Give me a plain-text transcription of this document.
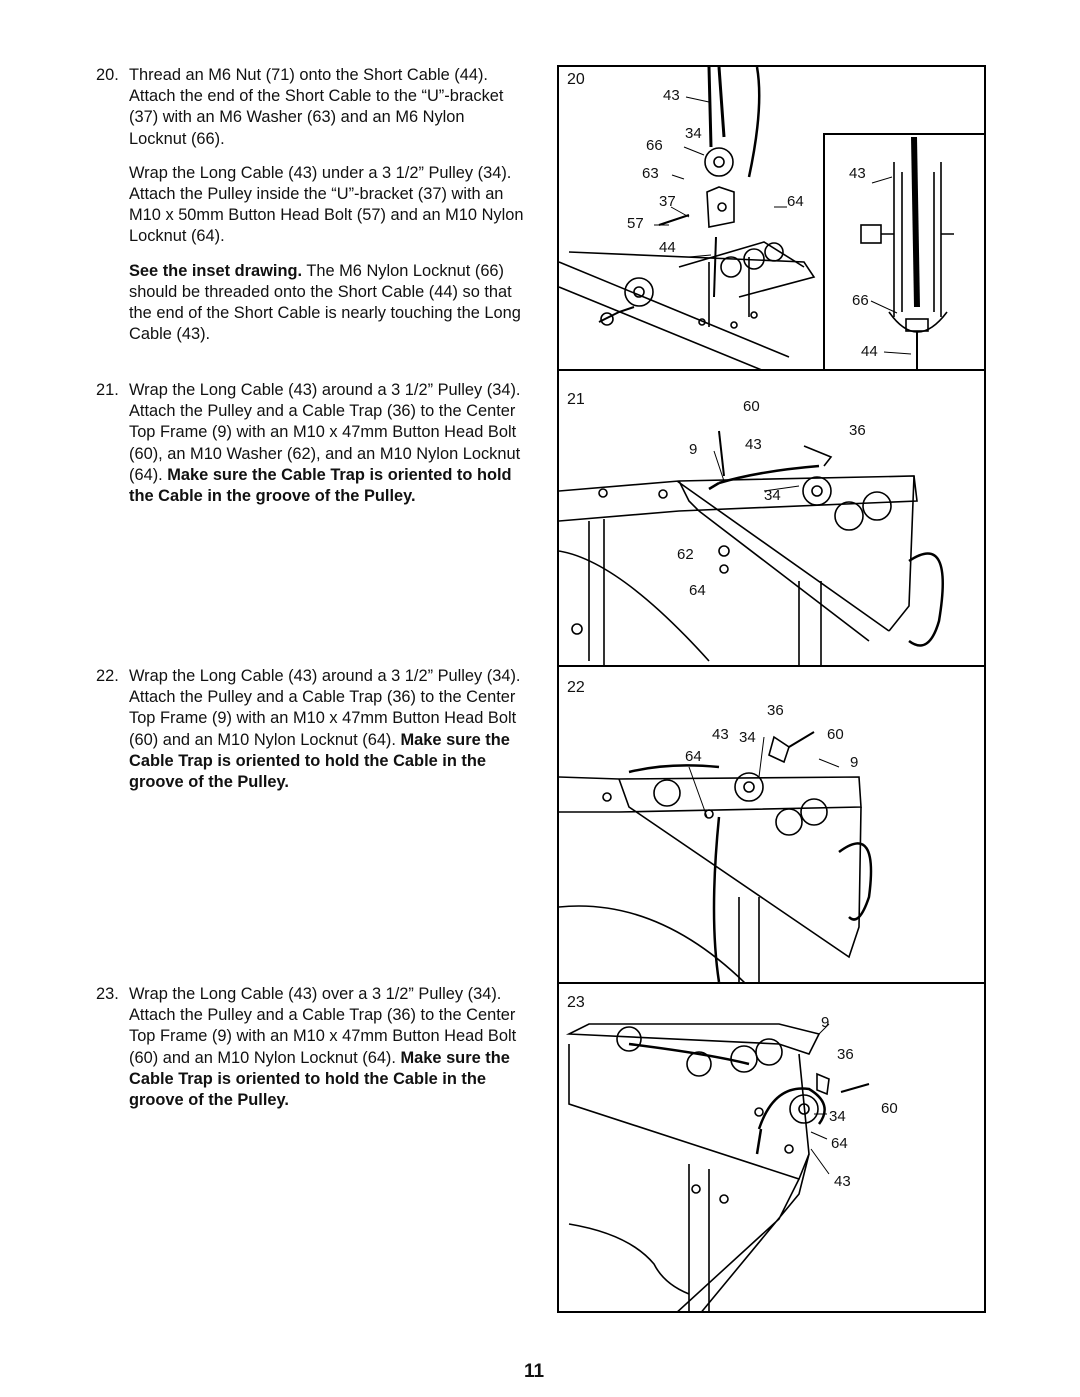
20. Thread an M6 Nut (71) onto the Short Cable (44). Attach the end of the Short Cable to the “U”-bracket (37) with an M6 Washer (63) and an M6 Nylon Locknut (66).

Wrap the Long Cable (43) under a 3 1/2” Pulley (34). Attach the Pulley inside the “U”-bracket (37) with an M10 x 50mm Button Head Bolt (57) and an M10 Nylon Locknut (64).

See the inset drawing. The M6 Nylon Locknut (66) should be threaded onto the Short Cable (44) so that the end of the Short Cable is nearly touching the Long Cable (43).

21. Wrap the Long Cable (43) around a 3 1/2” Pulley (34). Attach the Pulley and a Cable Trap (36) to the Center Top Frame (9) with an M10 x 47mm Button Head Bolt (60), an M10 Washer (62), and an M10 Nylon Locknut (64). Make sure the Cable Trap is oriented to hold the Cable in the groove of the Pulley.

22. Wrap the Long Cable (43) around a 3 1/2” Pulley (34). Attach the Pulley and a Cable Trap (36) to the Center Top Frame (9) with an M10 x 47mm Button Head Bolt (60) and an M10 Nylon Locknut (64). Make sure the Cable Trap is oriented to hold the Cable in the groove of the Pulley.

23. Wrap the Long Cable (43) over a 3 1/2” Pulley (34). Attach the Pulley and a Cable Trap (36) to the Center Top Frame (9) with an M10 x 47mm Button Head Bolt (60) and an M10 Nylon Locknut (64). Make sure the Cable Trap is oriented to hold the Cable in the groove of the Pulley.

20
43
34
66
63
37	64
57
44
43
66
44
21	60
36
9	43
34
62
64
22
36
43 34	60
64	9
23
9
36
34 60
64
43
11
